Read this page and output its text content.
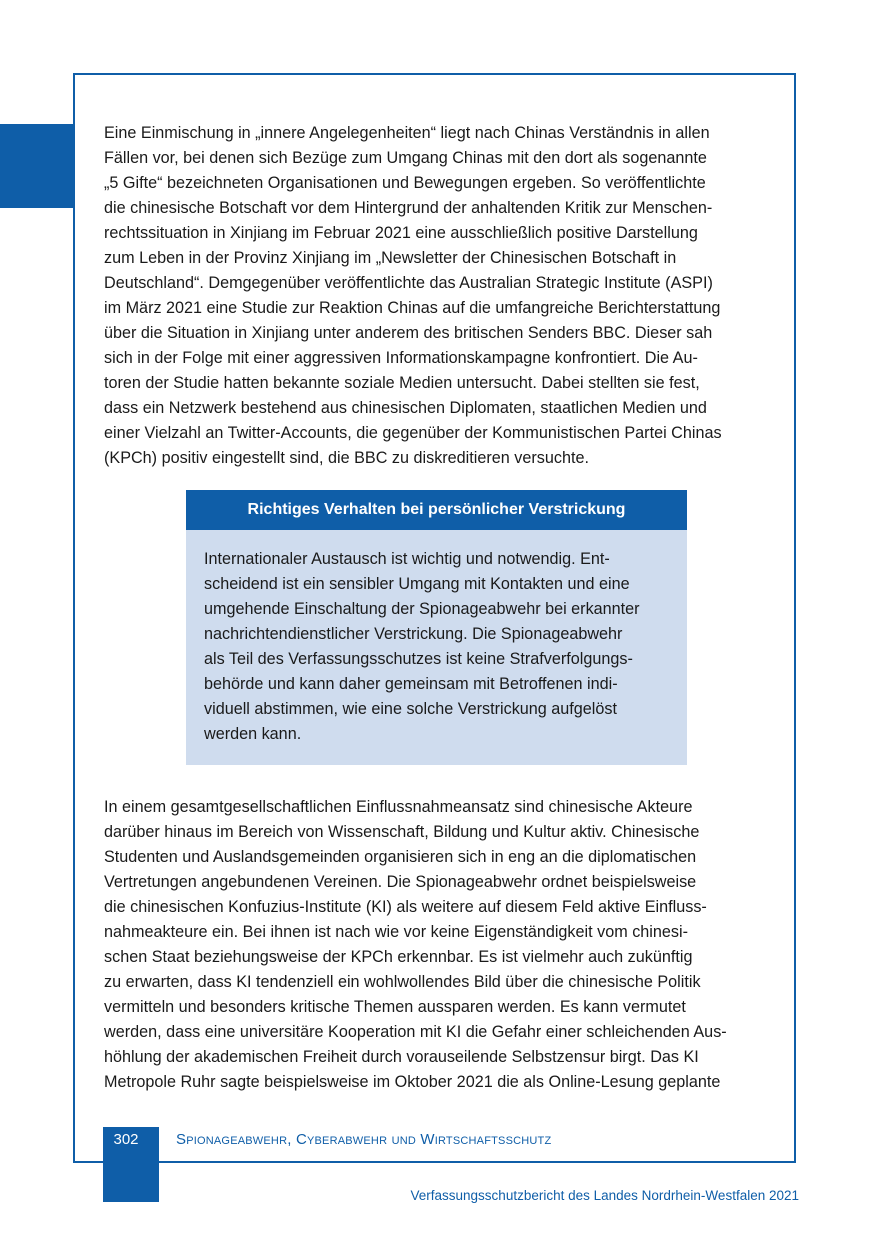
Eine Einmischung in „innere Angelegenheiten“ liegt nach Chinas Verständnis in allen
Fällen vor, bei denen sich Bezüge zum Umgang Chinas mit den dort als sogenannte
„5 Gifte“ bezeichneten Organisationen und Bewegungen ergeben. So veröffentlichte
die chinesische Botschaft vor dem Hintergrund der anhaltenden Kritik zur Menschen-
rechtssituation in Xinjiang im Februar 2021 eine ausschließlich positive Darstellung
zum Leben in der Provinz Xinjiang im „Newsletter der Chinesischen Botschaft in
Deutschland“. Demgegenüber veröffentlichte das Australian Strategic Institute (ASPI)
im März 2021 eine Studie zur Reaktion Chinas auf die umfangreiche Berichterstattung
über die Situation in Xinjiang unter anderem des britischen Senders BBC. Dieser sah
sich in der Folge mit einer aggressiven Informationskampagne konfrontiert. Die Au-
toren der Studie hatten bekannte soziale Medien untersucht. Dabei stellten sie fest,
dass ein Netzwerk bestehend aus chinesischen Diplomaten, staatlichen Medien und
einer Vielzahl an Twitter-Accounts, die gegenüber der Kommunistischen Partei Chinas
(KPCh) positiv eingestellt sind, die BBC zu diskreditieren versuchte.

Richtiges Verhalten bei persönlicher Verstrickung

Internationaler Austausch ist wichtig und notwendig. Ent-
scheidend ist ein sensibler Umgang mit Kontakten und eine
umgehende Einschaltung der Spionageabwehr bei erkannter
nachrichtendienstlicher Verstrickung. Die Spionageabwehr
als Teil des Verfassungsschutzes ist keine Strafverfolgungs-
behörde und kann daher gemeinsam mit Betroffenen indi-
viduell abstimmen, wie eine solche Verstrickung aufgelöst
werden kann.

In einem gesamtgesellschaftlichen Einflussnahmeansatz sind chinesische Akteure
darüber hinaus im Bereich von Wissenschaft, Bildung und Kultur aktiv. Chinesische
Studenten und Auslandsgemeinden organisieren sich in eng an die diplomatischen
Vertretungen angebundenen Vereinen. Die Spionageabwehr ordnet beispielsweise
die chinesischen Konfuzius-Institute (KI) als weitere auf diesem Feld aktive Einfluss-
nahmeakteure ein. Bei ihnen ist nach wie vor keine Eigenständigkeit vom chinesi-
schen Staat beziehungsweise der KPCh erkennbar. Es ist vielmehr auch zukünftig
zu erwarten, dass KI tendenziell ein wohlwollendes Bild über die chinesische Politik
vermitteln und besonders kritische Themen aussparen werden. Es kann vermutet
werden, dass eine universitäre Kooperation mit KI die Gefahr einer schleichenden Aus-
höhlung der akademischen Freiheit durch vorauseilende Selbstzensur birgt. Das KI
Metropole Ruhr sagte beispielsweise im Oktober 2021 die als Online-Lesung geplante

302	Spionageabwehr, Cyberabwehr und Wirtschaftsschutz
Verfassungsschutzbericht des Landes Nordrhein-Westfalen 2021
